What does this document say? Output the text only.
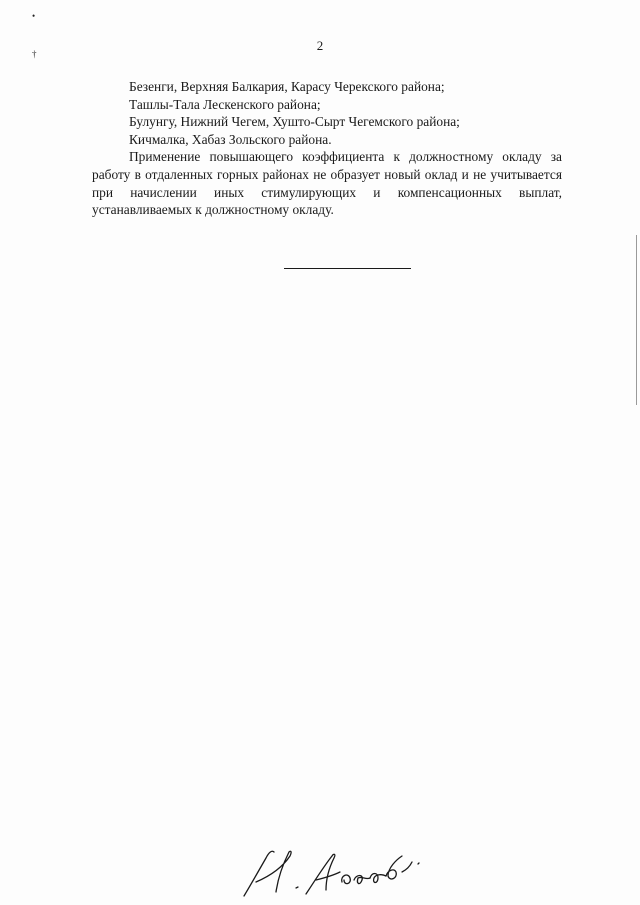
•
†
2

Безенги, Верхняя Балкария, Карасу Черекского района;

Ташлы-Тала Лескенского района;

Булунгу, Нижний Чегем, Хушто-Сырт Чегемского района;

Кичмалка, Хабаз Зольского района.

Применение повышающего коэффициента к должностному окладу за работу в отдаленных горных районах не образует новый оклад и не учитывается при начислении иных стимулирующих и компенсационных выплат, устанавливаемых к должностному окладу.
